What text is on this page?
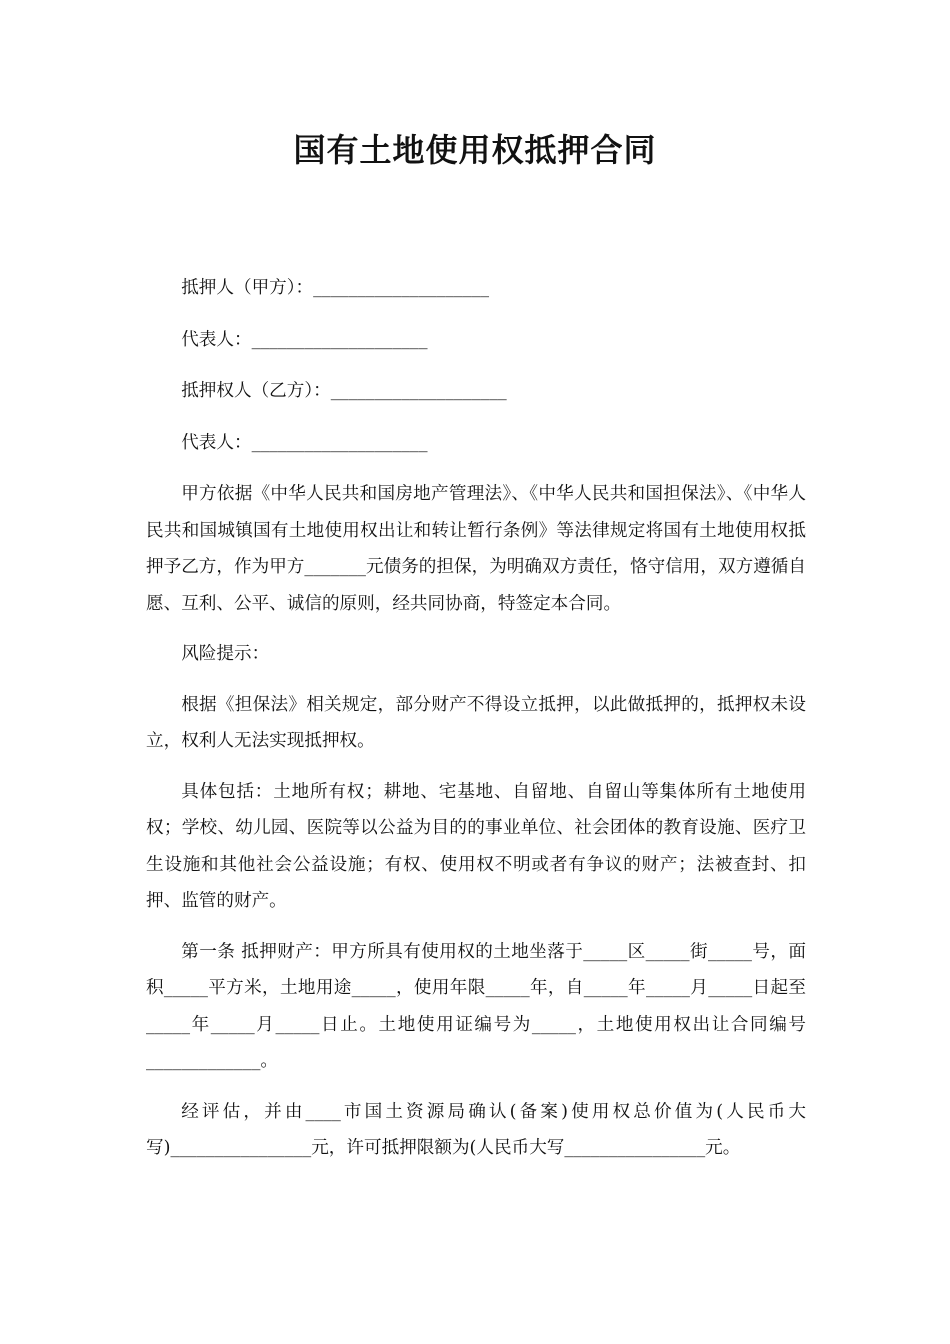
国有土地使用权抵押合同

抵押人（甲方）：____________________

代表人：____________________

抵押权人（乙方）：____________________

代表人：____________________

甲方依据《中华人民共和国房地产管理法》、《中华人民共和国担保法》、《中华人民共和国城镇国有土地使用权出让和转让暂行条例》等法律规定将国有土地使用权抵押予乙方，作为甲方_______元债务的担保，为明确双方责任，恪守信用，双方遵循自愿、互利、公平、诚信的原则，经共同协商，特签定本合同。

风险提示：

根据《担保法》相关规定，部分财产不得设立抵押，以此做抵押的，抵押权未设立，权利人无法实现抵押权。

具体包括：土地所有权；耕地、宅基地、自留地、自留山等集体所有土地使用权；学校、幼儿园、医院等以公益为目的的事业单位、社会团体的教育设施、医疗卫生设施和其他社会公益设施；有权、使用权不明或者有争议的财产；法被查封、扣押、监管的财产。

第一条 抵押财产：甲方所具有使用权的土地坐落于_____区_____街_____号，面积_____平方米，土地用途_____，使用年限_____年，自_____年_____月_____日起至_____年_____月_____日止。土地使用证编号为_____，土地使用权出让合同编号_____________。

经评估，并由____市国土资源局确认(备案)使用权总价值为(人民币大写)________________元，许可抵押限额为(人民币大写________________元。
